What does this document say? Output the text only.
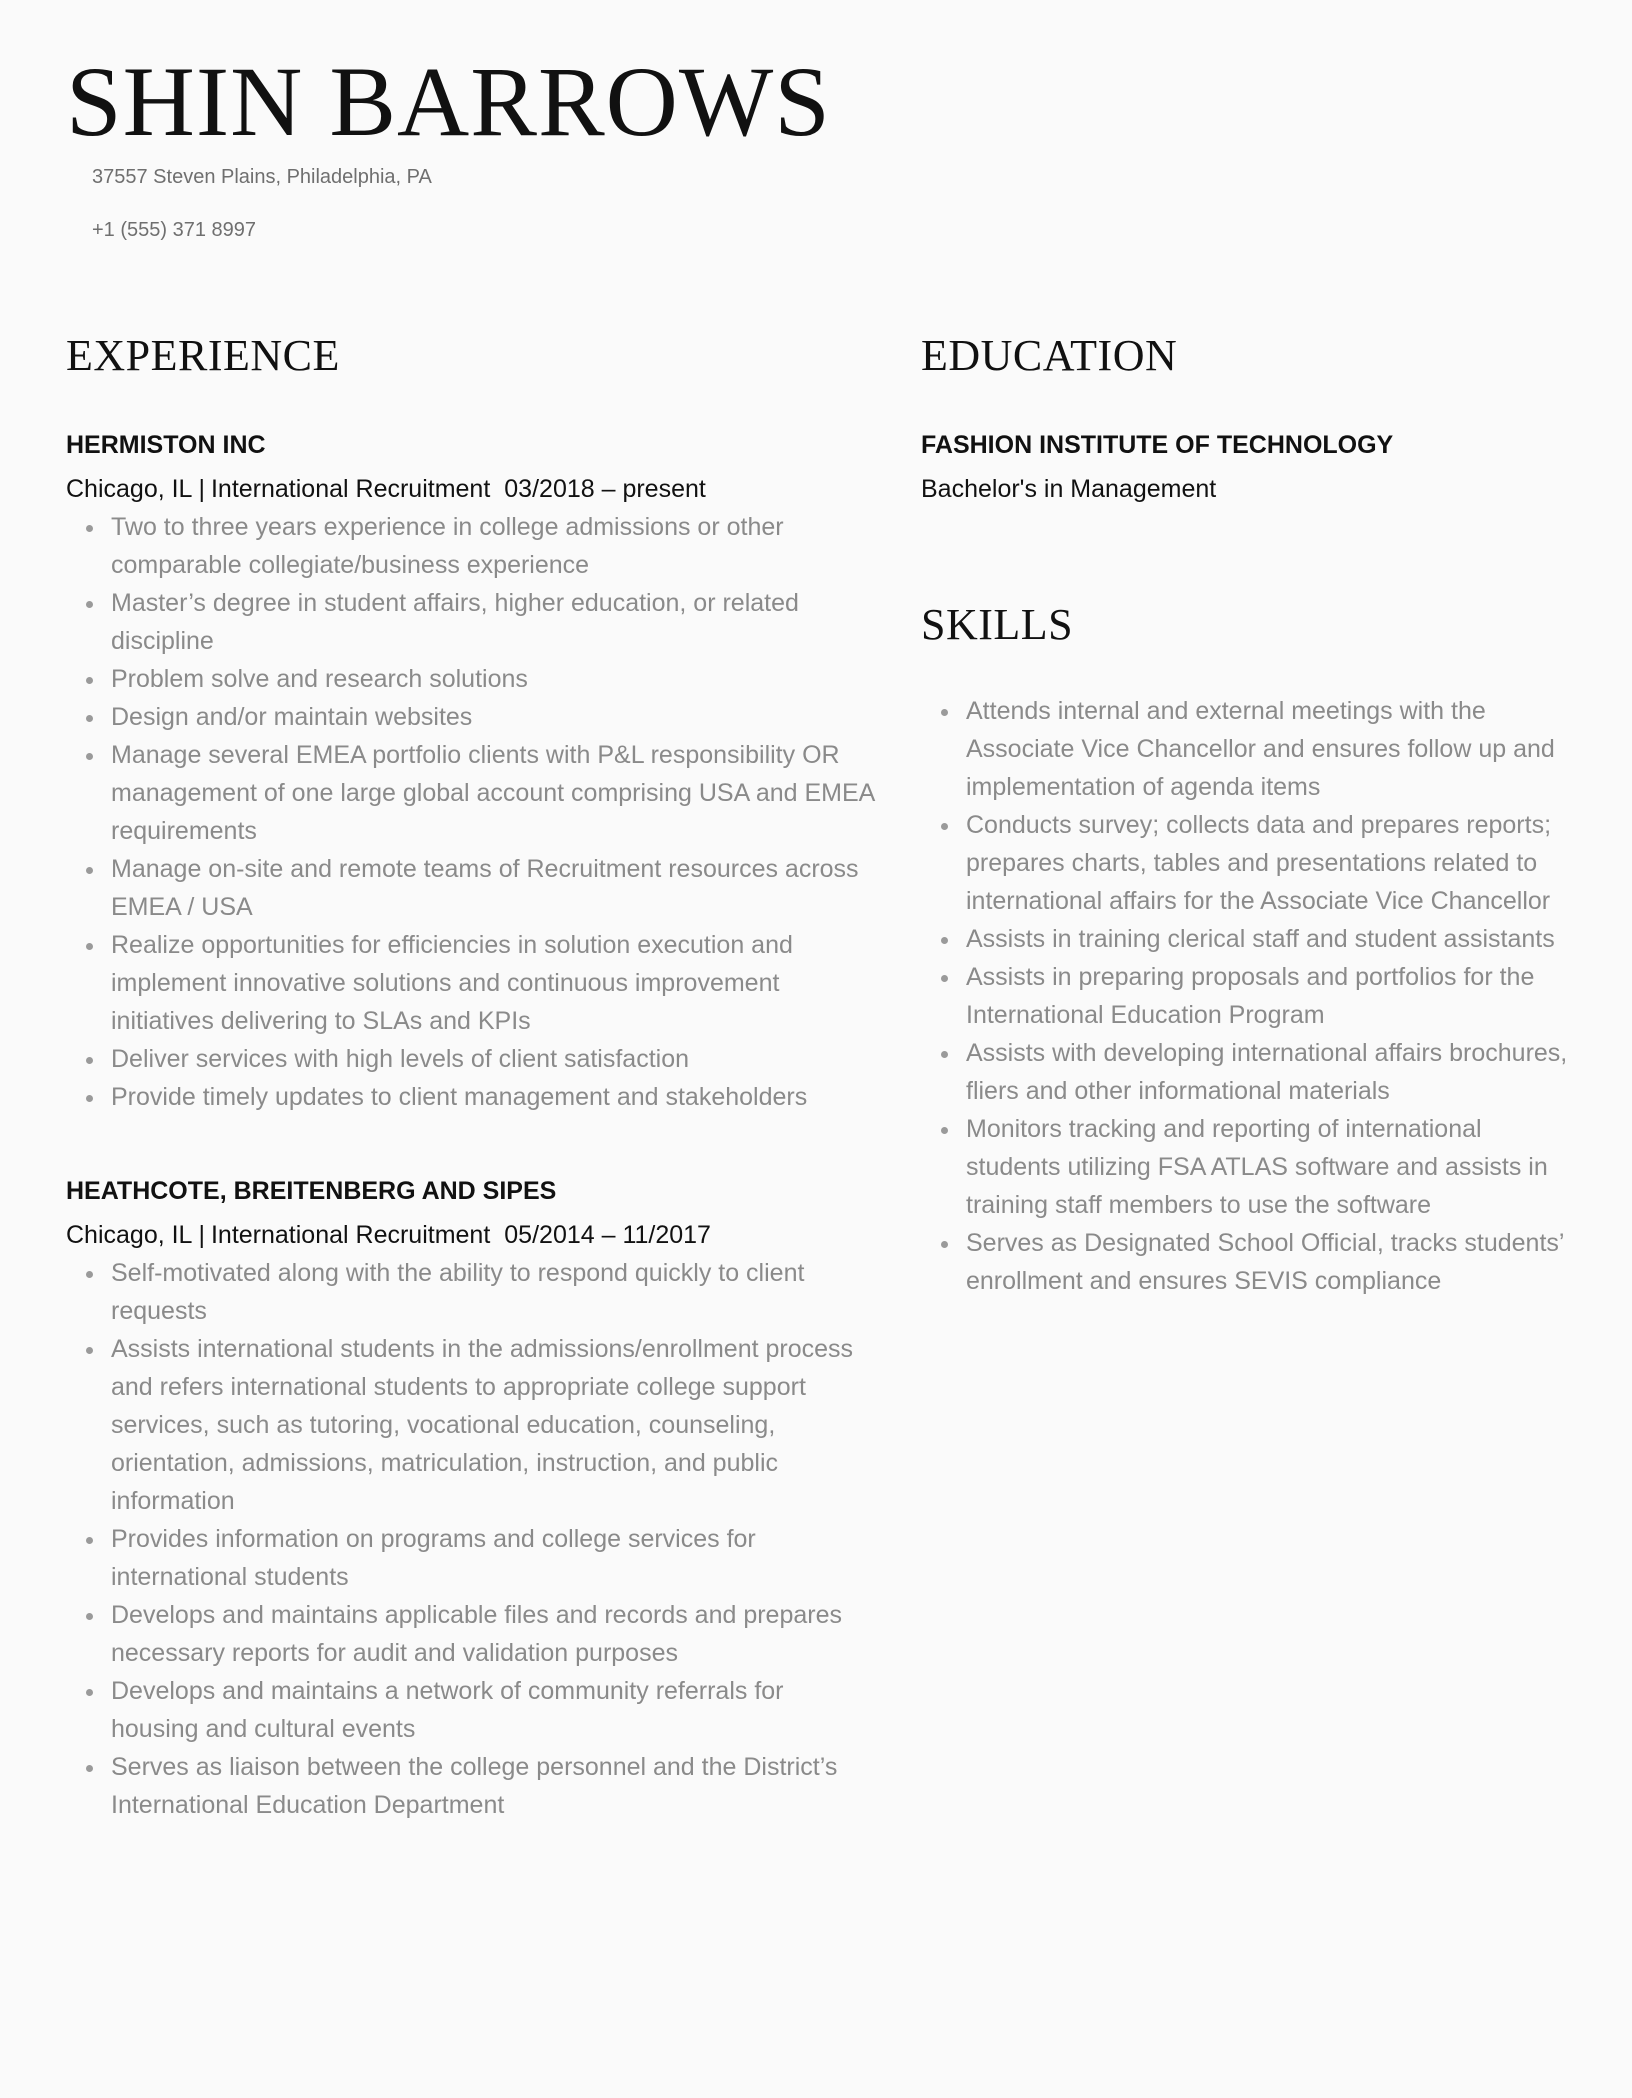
SHIN BARROWS

37557 Steven Plains, Philadelphia, PA

+1 (555) 371 8997

EXPERIENCE
HERMISTON INC

Chicago, IL | International Recruitment 03/2018 – present

Two to three years experience in college admissions or other comparable collegiate/business experience
Master’s degree in student affairs, higher education, or related discipline
Problem solve and research solutions
Design and/or maintain websites
Manage several EMEA portfolio clients with P&L responsibility OR management of one large global account comprising USA and EMEA requirements
Manage on-site and remote teams of Recruitment resources across EMEA / USA
Realize opportunities for efficiencies in solution execution and implement innovative solutions and continuous improvement initiatives delivering to SLAs and KPIs
Deliver services with high levels of client satisfaction
Provide timely updates to client management and stakeholders
HEATHCOTE, BREITENBERG AND SIPES

Chicago, IL | International Recruitment 05/2014 – 11/2017

Self-motivated along with the ability to respond quickly to client requests
Assists international students in the admissions/enrollment process and refers international students to appropriate college support services, such as tutoring, vocational education, counseling, orientation, admissions, matriculation, instruction, and public information
Provides information on programs and college services for international students
Develops and maintains applicable files and records and prepares necessary reports for audit and validation purposes
Develops and maintains a network of community referrals for housing and cultural events
Serves as liaison between the college personnel and the District’s International Education Department
EDUCATION
FASHION INSTITUTE OF TECHNOLOGY

Bachelor's in Management

SKILLS
Attends internal and external meetings with the Associate Vice Chancellor and ensures follow up and implementation of agenda items
Conducts survey; collects data and prepares reports; prepares charts, tables and presentations related to international affairs for the Associate Vice Chancellor
Assists in training clerical staff and student assistants
Assists in preparing proposals and portfolios for the International Education Program
Assists with developing international affairs brochures, fliers and other informational materials
Monitors tracking and reporting of international students utilizing FSA ATLAS software and assists in training staff members to use the software
Serves as Designated School Official, tracks students’ enrollment and ensures SEVIS compliance
